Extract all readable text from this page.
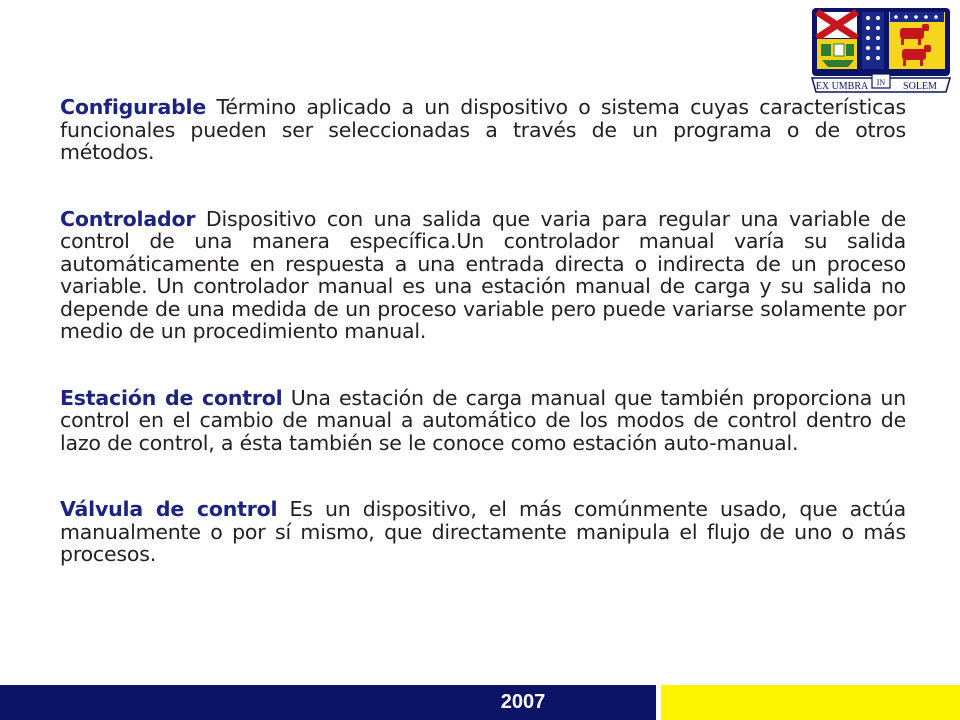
EX UMBRA IN SOLEM

Configurable Término aplicado a un dispositivo o sistema cuyas características funcionales pueden ser seleccionadas a través de un programa o de otros métodos.

Controlador Dispositivo con una salida que varia para regular una variable de control de una manera específica.Un controlador manual varía su salida automáticamente en respuesta a una entrada directa o indirecta de un proceso variable. Un controlador manual es una estación manual de carga y su salida no depende de una medida de un proceso variable pero puede variarse solamente por medio de un procedimiento manual.

Estación de control Una estación de carga manual que también proporciona un control en el cambio de manual a automático de los modos de control dentro de lazo de control, a ésta también se le conoce como estación auto-manual.

Válvula de control Es un dispositivo, el más comúnmente usado, que actúa manualmente o por sí mismo, que directamente manipula el flujo de uno o más procesos.

2007
